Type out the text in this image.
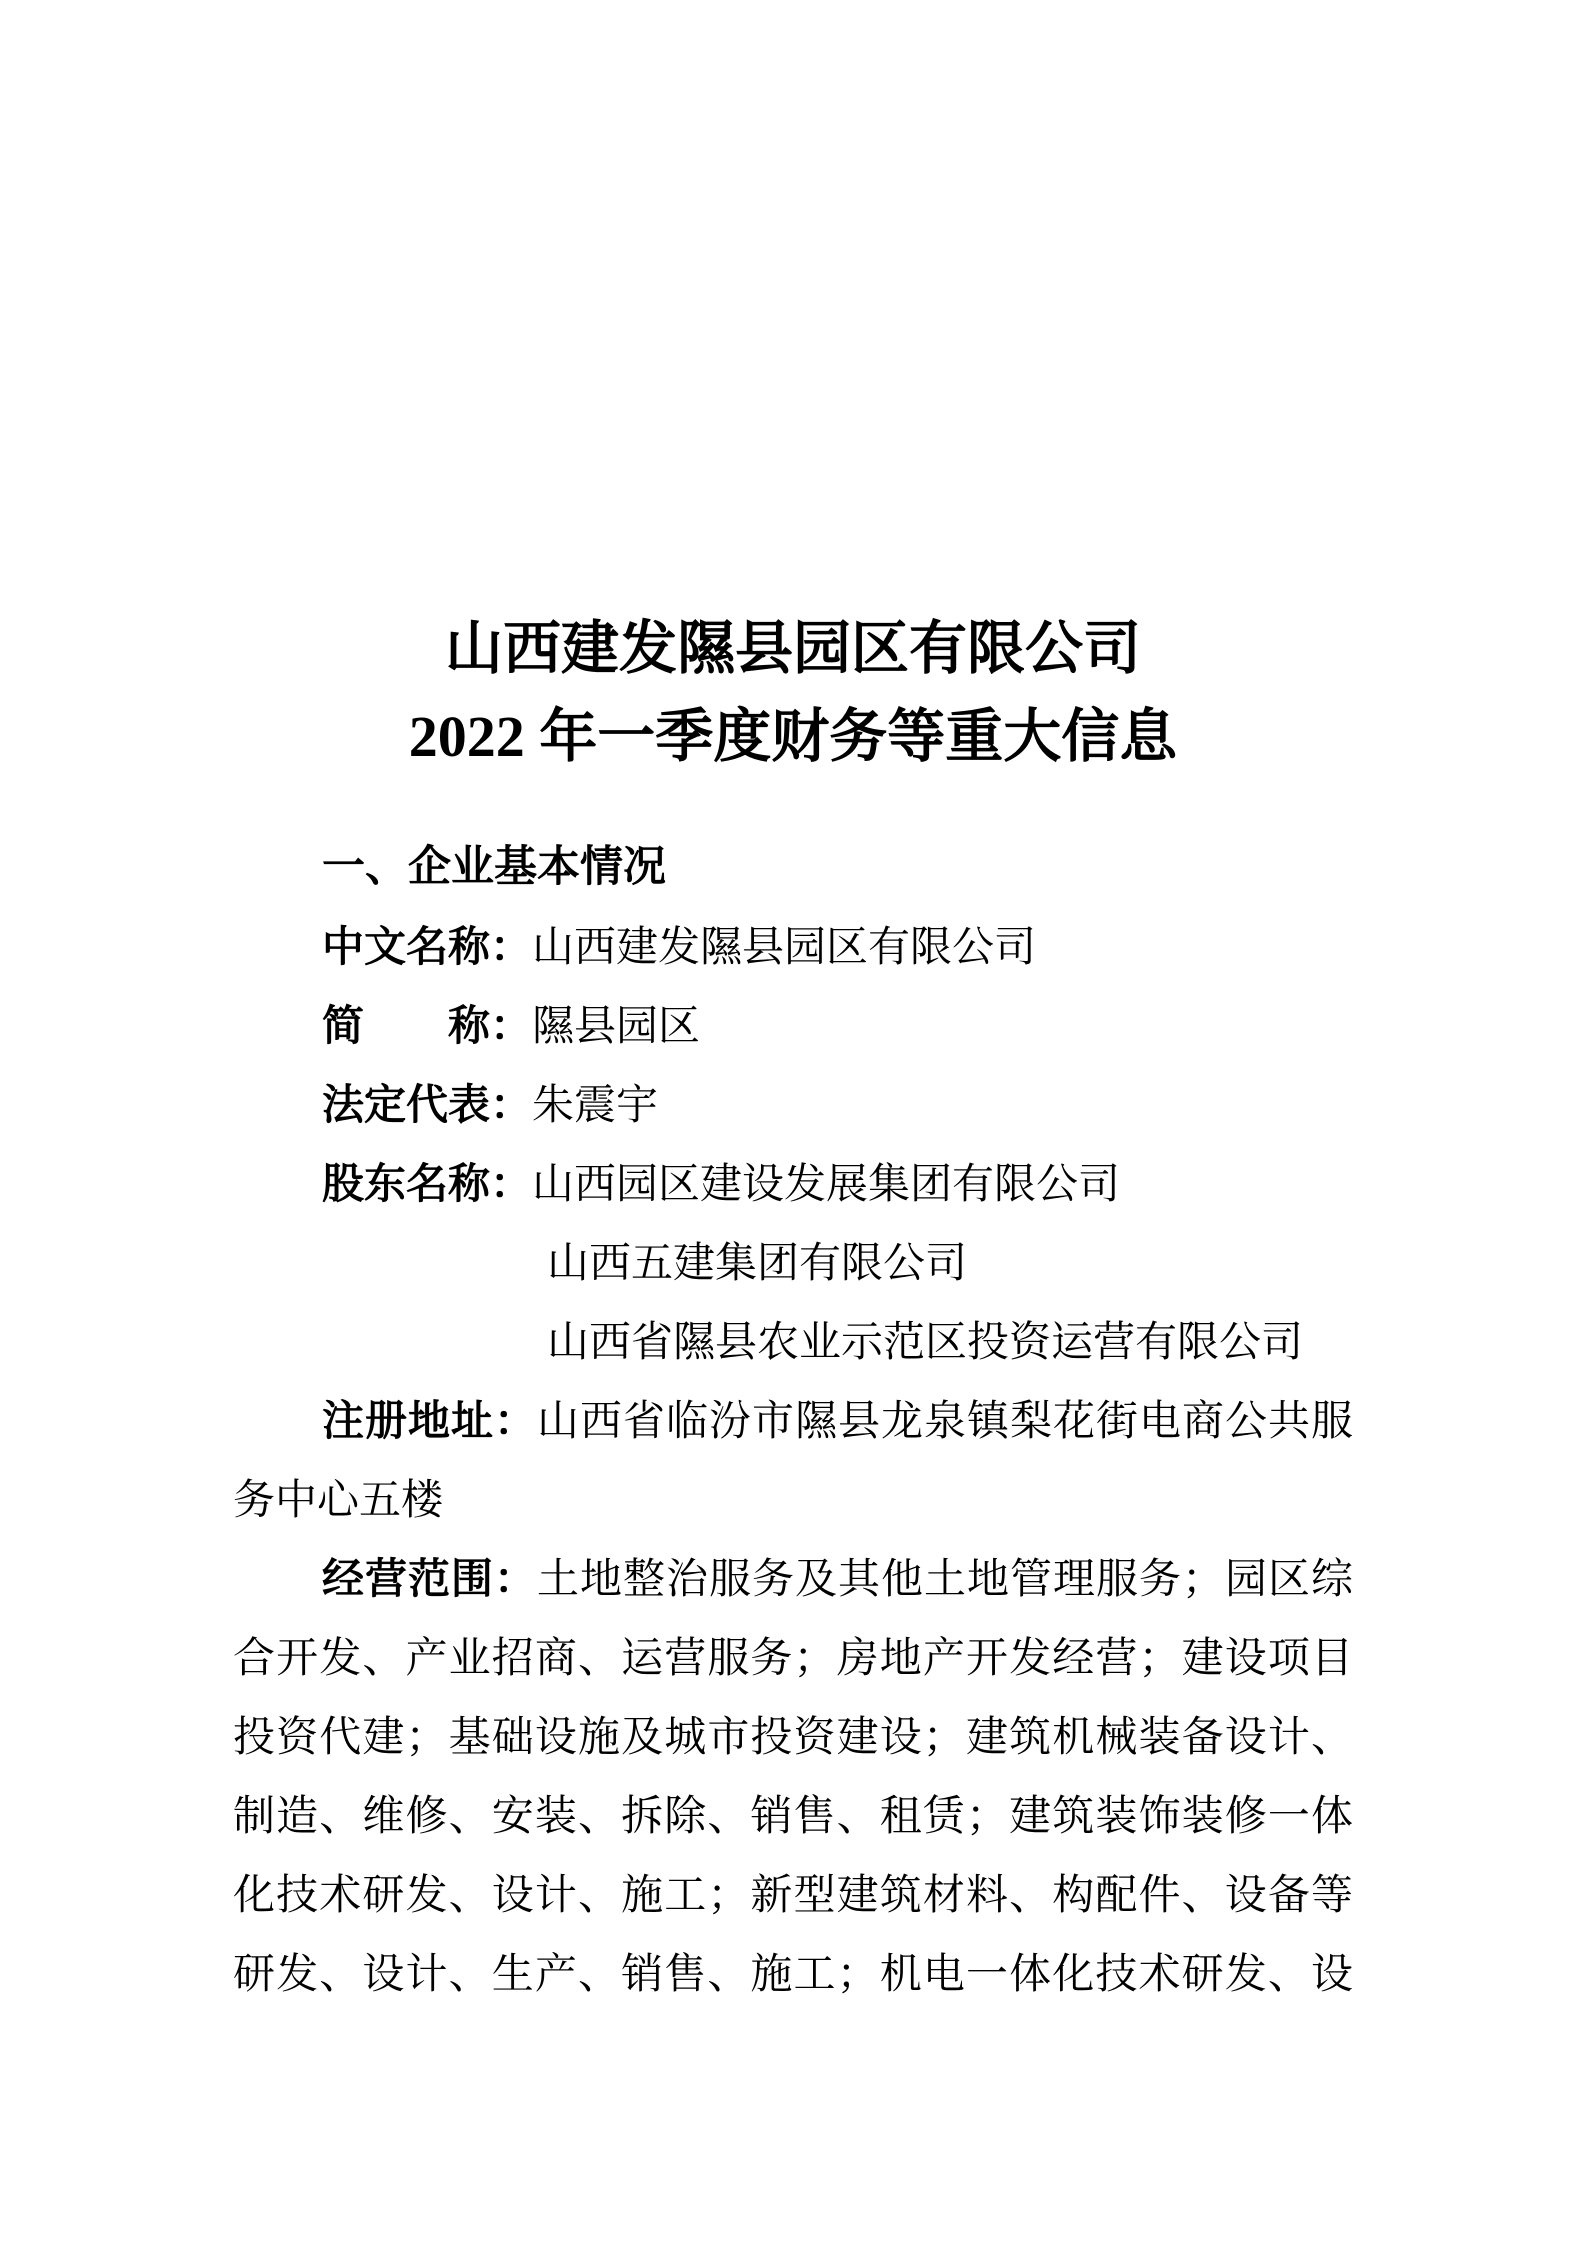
山西建发隰县园区有限公司
2022 年一季度财务等重大信息
一、企业基本情况
中文名称：山西建发隰县园区有限公司
简　　称：隰县园区
法定代表：朱震宇
股东名称：山西园区建设发展集团有限公司
山西五建集团有限公司
山西省隰县农业示范区投资运营有限公司
注册地址：山西省临汾市隰县龙泉镇梨花街电商公共服
务中心五楼
经营范围：土地整治服务及其他土地管理服务；园区综
合开发、产业招商、运营服务；房地产开发经营；建设项目
投资代建；基础设施及城市投资建设；建筑机械装备设计、
制造、维修、安装、拆除、销售、租赁；建筑装饰装修一体
化技术研发、设计、施工；新型建筑材料、构配件、设备等
研发、设计、生产、销售、施工；机电一体化技术研发、设
